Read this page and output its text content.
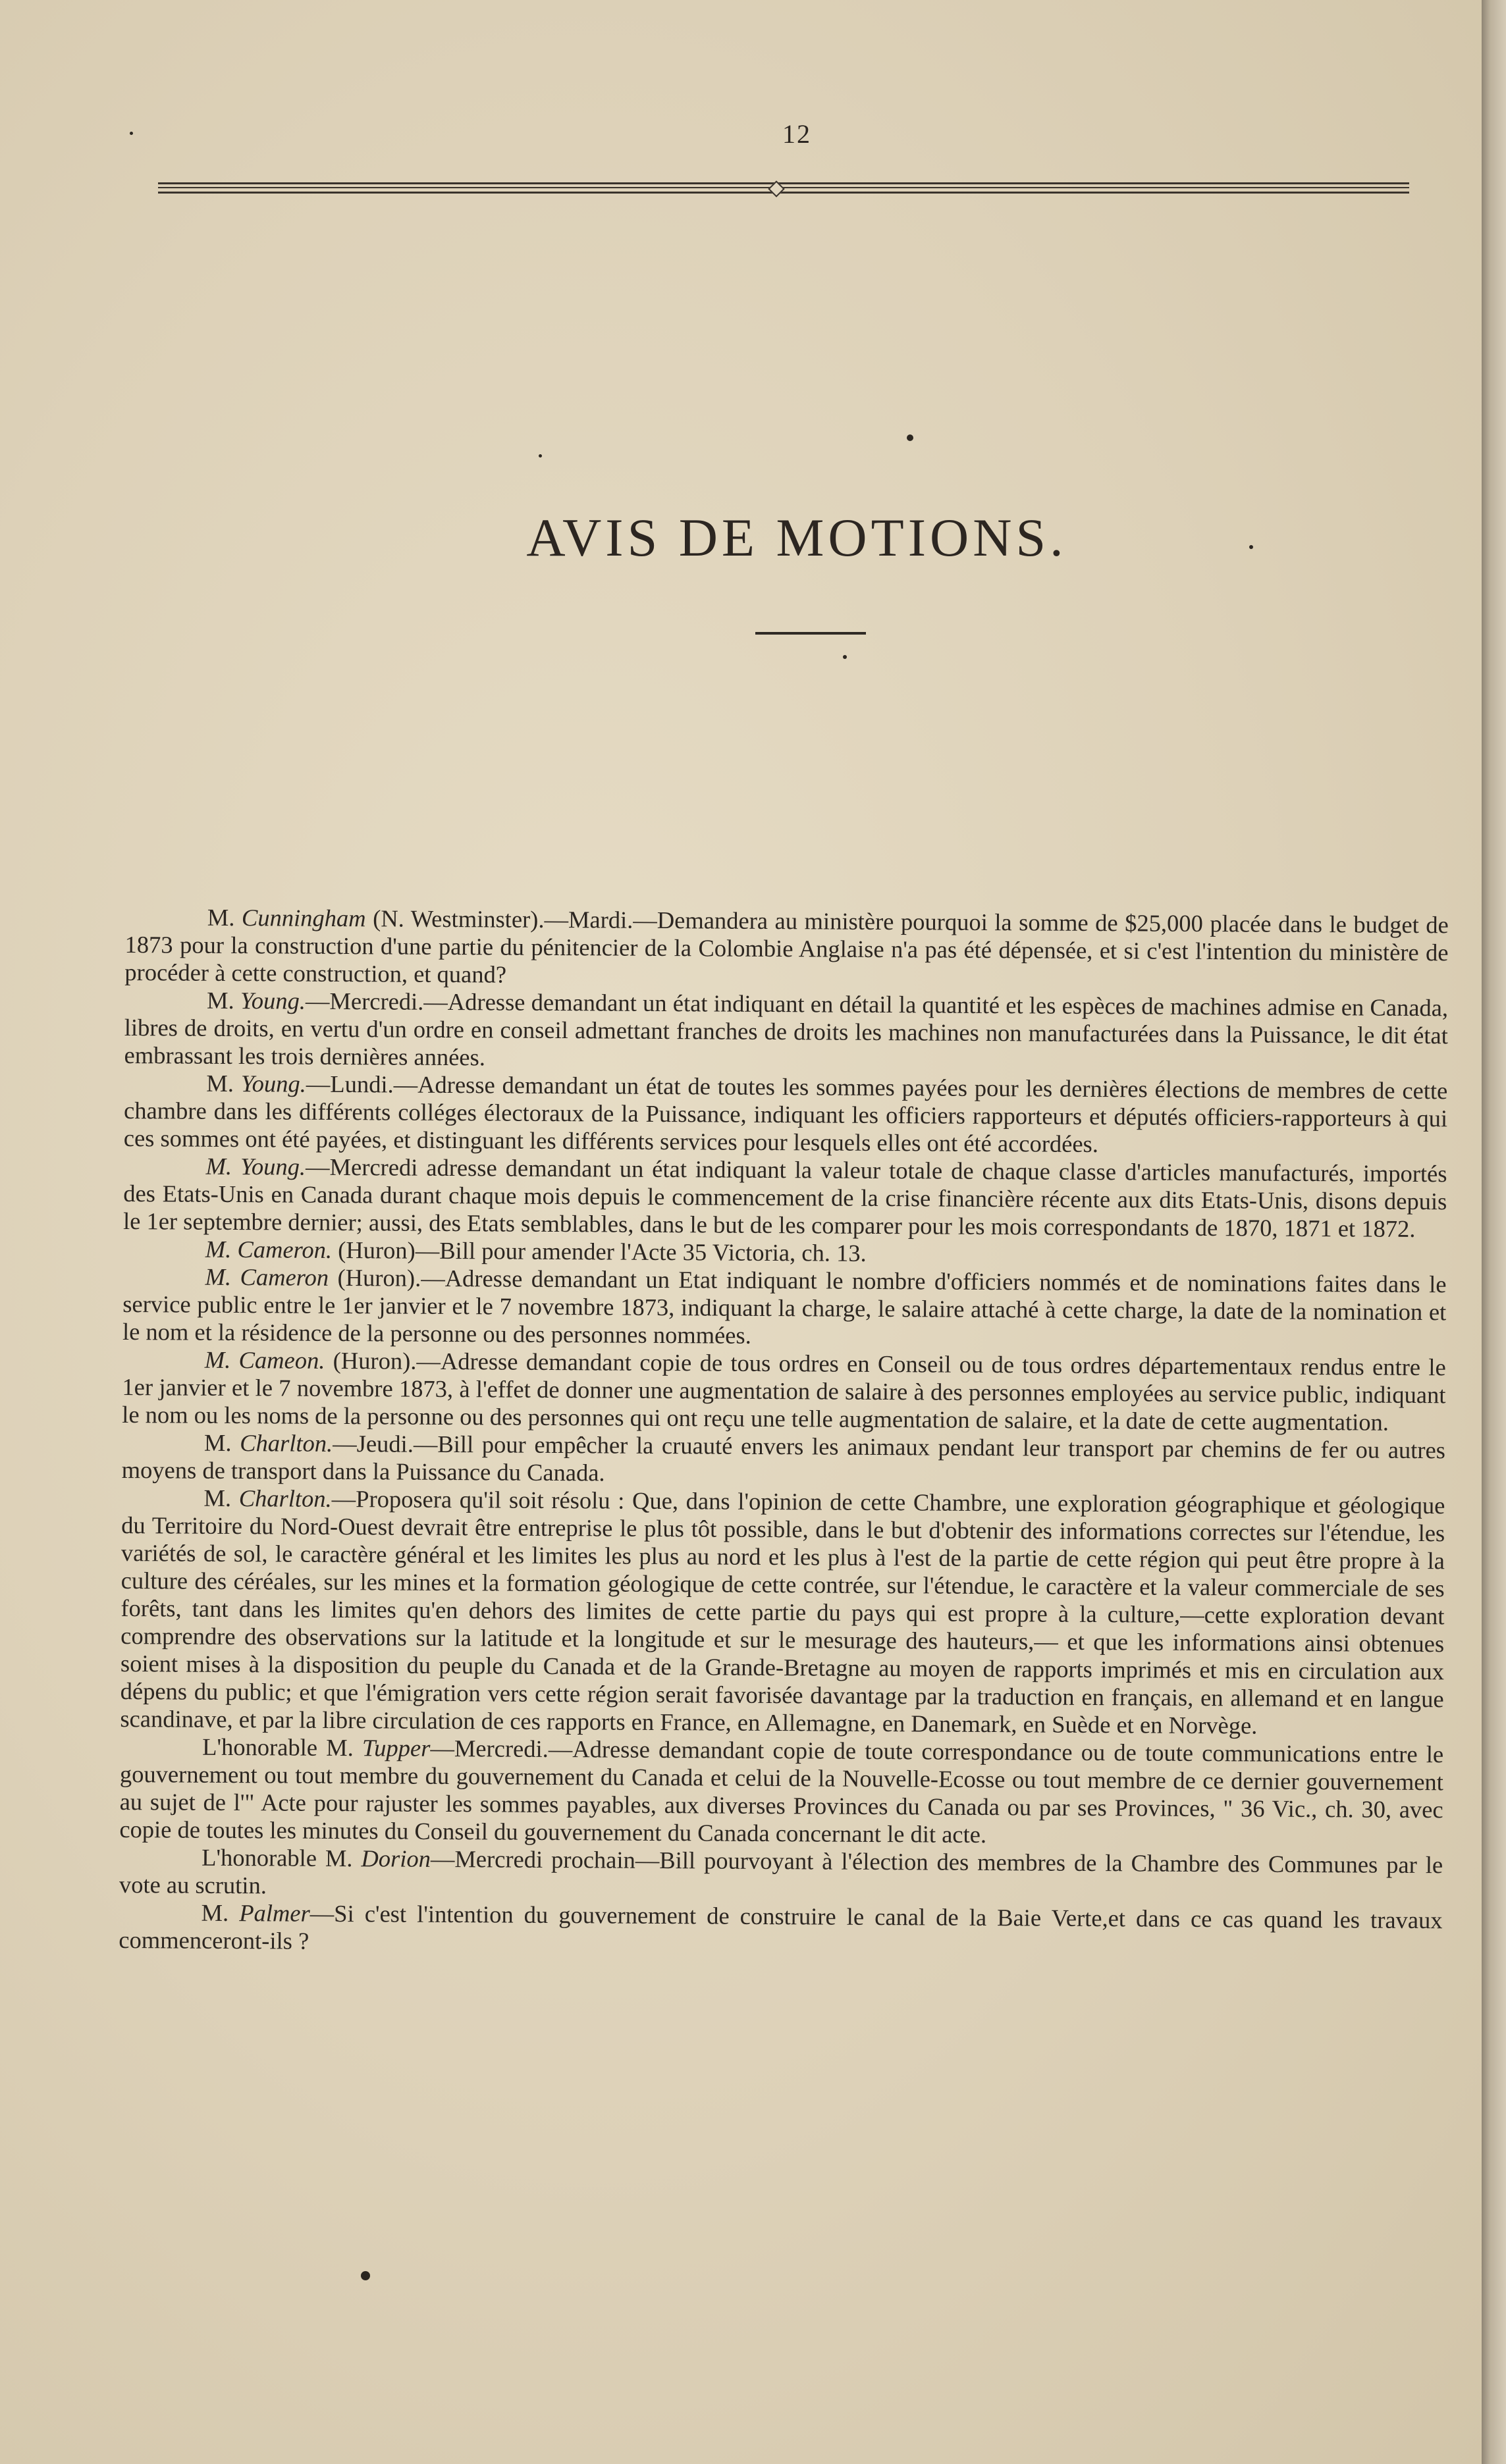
12
AVIS DE MOTIONS.

M. Cunningham (N. Westminster).—Mardi.—Demandera au ministère pourquoi la somme de $25,000 placée dans le budget de 1873 pour la construction d'une partie du pénitencier de la Colombie Anglaise n'a pas été dépensée, et si c'est l'intention du ministère de procéder à cette construction, et quand?

M. Young.—Mercredi.—Adresse demandant un état indiquant en détail la quantité et les espèces de machines admise en Canada, libres de droits, en vertu d'un ordre en conseil admettant franches de droits les machines non manufacturées dans la Puissance, le dit état embrassant les trois dernières années.

M. Young.—Lundi.—Adresse demandant un état de toutes les sommes payées pour les dernières élections de membres de cette chambre dans les différents colléges électoraux de la Puissance, indiquant les officiers rapporteurs et députés officiers-rapporteurs à qui ces sommes ont été payées, et distinguant les différents services pour lesquels elles ont été accordées.

M. Young.—Mercredi adresse demandant un état indiquant la valeur totale de chaque classe d'articles manufacturés, importés des Etats-Unis en Canada durant chaque mois depuis le commencement de la crise financière récente aux dits Etats-Unis, disons depuis le 1er septembre dernier; aussi, des Etats semblables, dans le but de les comparer pour les mois correspondants de 1870, 1871 et 1872.

M. Cameron. (Huron)—Bill pour amender l'Acte 35 Victoria, ch. 13.

M. Cameron (Huron).—Adresse demandant un Etat indiquant le nombre d'officiers nommés et de nominations faites dans le service public entre le 1er janvier et le 7 novembre 1873, indiquant la charge, le salaire attaché à cette charge, la date de la nomination et le nom et la résidence de la personne ou des personnes nommées.

M. Cameon. (Huron).—Adresse demandant copie de tous ordres en Conseil ou de tous ordres départementaux rendus entre le 1er janvier et le 7 novembre 1873, à l'effet de donner une augmentation de salaire à des personnes employées au service public, indiquant le nom ou les noms de la personne ou des personnes qui ont reçu une telle augmentation de salaire, et la date de cette augmentation.

M. Charlton.—Jeudi.—Bill pour empêcher la cruauté envers les animaux pendant leur transport par chemins de fer ou autres moyens de transport dans la Puissance du Canada.

M. Charlton.—Proposera qu'il soit résolu : Que, dans l'opinion de cette Chambre, une exploration géographique et géologique du Territoire du Nord-Ouest devrait être entreprise le plus tôt possible, dans le but d'obtenir des informations correctes sur l'étendue, les variétés de sol, le caractère général et les limites les plus au nord et les plus à l'est de la partie de cette région qui peut être propre à la culture des céréales, sur les mines et la formation géologique de cette contrée, sur l'étendue, le caractère et la valeur commerciale de ses forêts, tant dans les limites qu'en dehors des limites de cette partie du pays qui est propre à la culture,—cette exploration devant comprendre des observations sur la latitude et la longitude et sur le mesurage des hauteurs,— et que les informations ainsi obtenues soient mises à la disposition du peuple du Canada et de la Grande-Bretagne au moyen de rapports imprimés et mis en circulation aux dépens du public; et que l'émigration vers cette région serait favorisée davantage par la traduction en français, en allemand et en langue scandinave, et par la libre circulation de ces rapports en France, en Allemagne, en Danemark, en Suède et en Norvège.

L'honorable M. Tupper—Mercredi.—Adresse demandant copie de toute correspondance ou de toute communications entre le gouvernement ou tout membre du gouvernement du Canada et celui de la Nouvelle-Ecosse ou tout membre de ce dernier gouvernement au sujet de l'" Acte pour rajuster les sommes payables, aux diverses Provinces du Canada ou par ses Provinces, " 36 Vic., ch. 30, avec copie de toutes les minutes du Conseil du gouvernement du Canada concernant le dit acte.

L'honorable M. Dorion—Mercredi prochain—Bill pourvoyant à l'élection des membres de la Chambre des Communes par le vote au scrutin.

M. Palmer—Si c'est l'intention du gouvernement de construire le canal de la Baie Verte,et dans ce cas quand les travaux commenceront-ils ?
